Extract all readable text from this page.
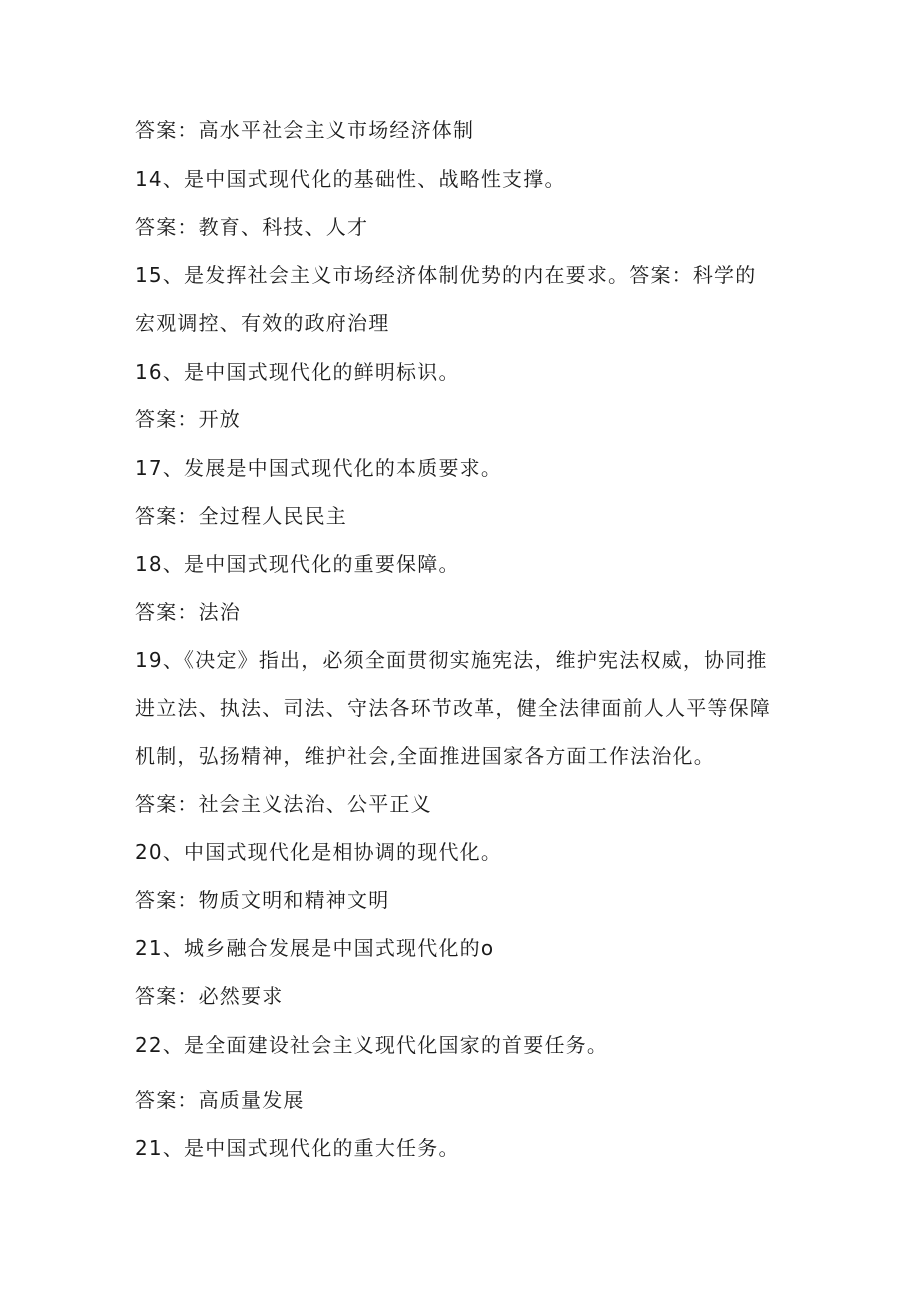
答案：高水平社会主义市场经济体制
14、是中国式现代化的基础性、战略性支撑。
答案：教育、科技、人才
15、是发挥社会主义市场经济体制优势的内在要求。答案：科学的
宏观调控、有效的政府治理
16、是中国式现代化的鲜明标识。
答案：开放
17、发展是中国式现代化的本质要求。
答案：全过程人民民主
18、是中国式现代化的重要保障。
答案：法治
19、《决定》指出，必须全面贯彻实施宪法，维护宪法权威，协同推
进立法、执法、司法、守法各环节改革，健全法律面前人人平等保障
机制，弘扬精神，维护社会,全面推进国家各方面工作法治化。
答案：社会主义法治、公平正义
20、中国式现代化是相协调的现代化。
答案：物质文明和精神文明
21、城乡融合发展是中国式现代化的o
答案：必然要求
22、是全面建设社会主义现代化国家的首要任务。
答案：高质量发展
21、是中国式现代化的重大任务。
